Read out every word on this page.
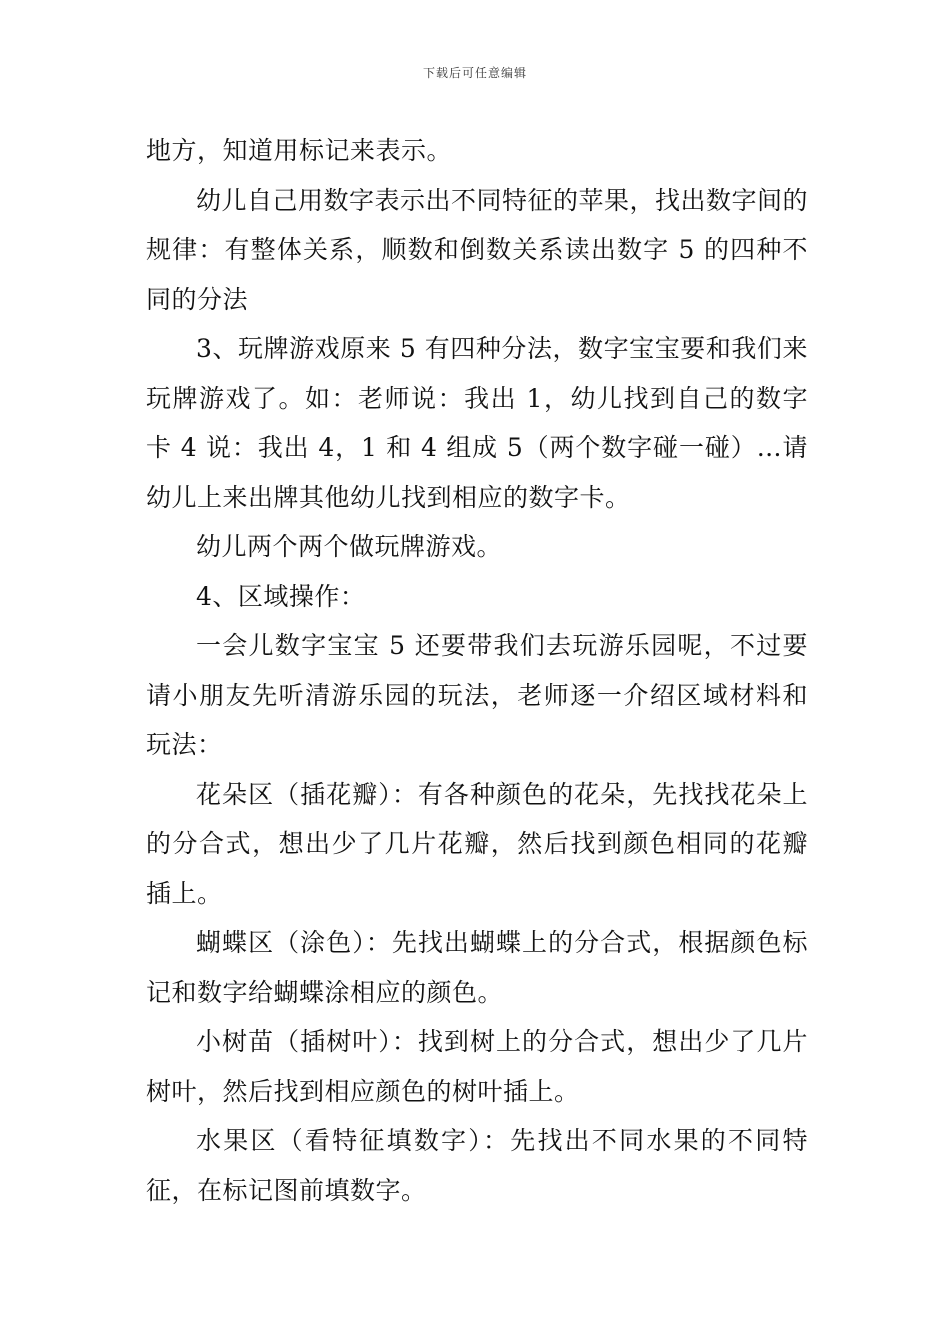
下载后可任意编辑

地方，知道用标记来表示。

幼儿自己用数字表示出不同特征的苹果，找出数字间的规律：有整体关系，顺数和倒数关系读出数字 5 的四种不同的分法

3、玩牌游戏原来 5 有四种分法，数字宝宝要和我们来玩牌游戏了。如：老师说：我出 1，幼儿找到自己的数字卡 4 说：我出 4，1 和 4 组成 5（两个数字碰一碰）…请幼儿上来出牌其他幼儿找到相应的数字卡。

幼儿两个两个做玩牌游戏。

4、区域操作：

一会儿数字宝宝 5 还要带我们去玩游乐园呢，不过要请小朋友先听清游乐园的玩法，老师逐一介绍区域材料和玩法：

花朵区（插花瓣）：有各种颜色的花朵，先找找花朵上的分合式，想出少了几片花瓣，然后找到颜色相同的花瓣插上。

蝴蝶区（涂色）：先找出蝴蝶上的分合式，根据颜色标记和数字给蝴蝶涂相应的颜色。

小树苗（插树叶）：找到树上的分合式，想出少了几片树叶，然后找到相应颜色的树叶插上。

水果区（看特征填数字）：先找出不同水果的不同特征，在标记图前填数字。
